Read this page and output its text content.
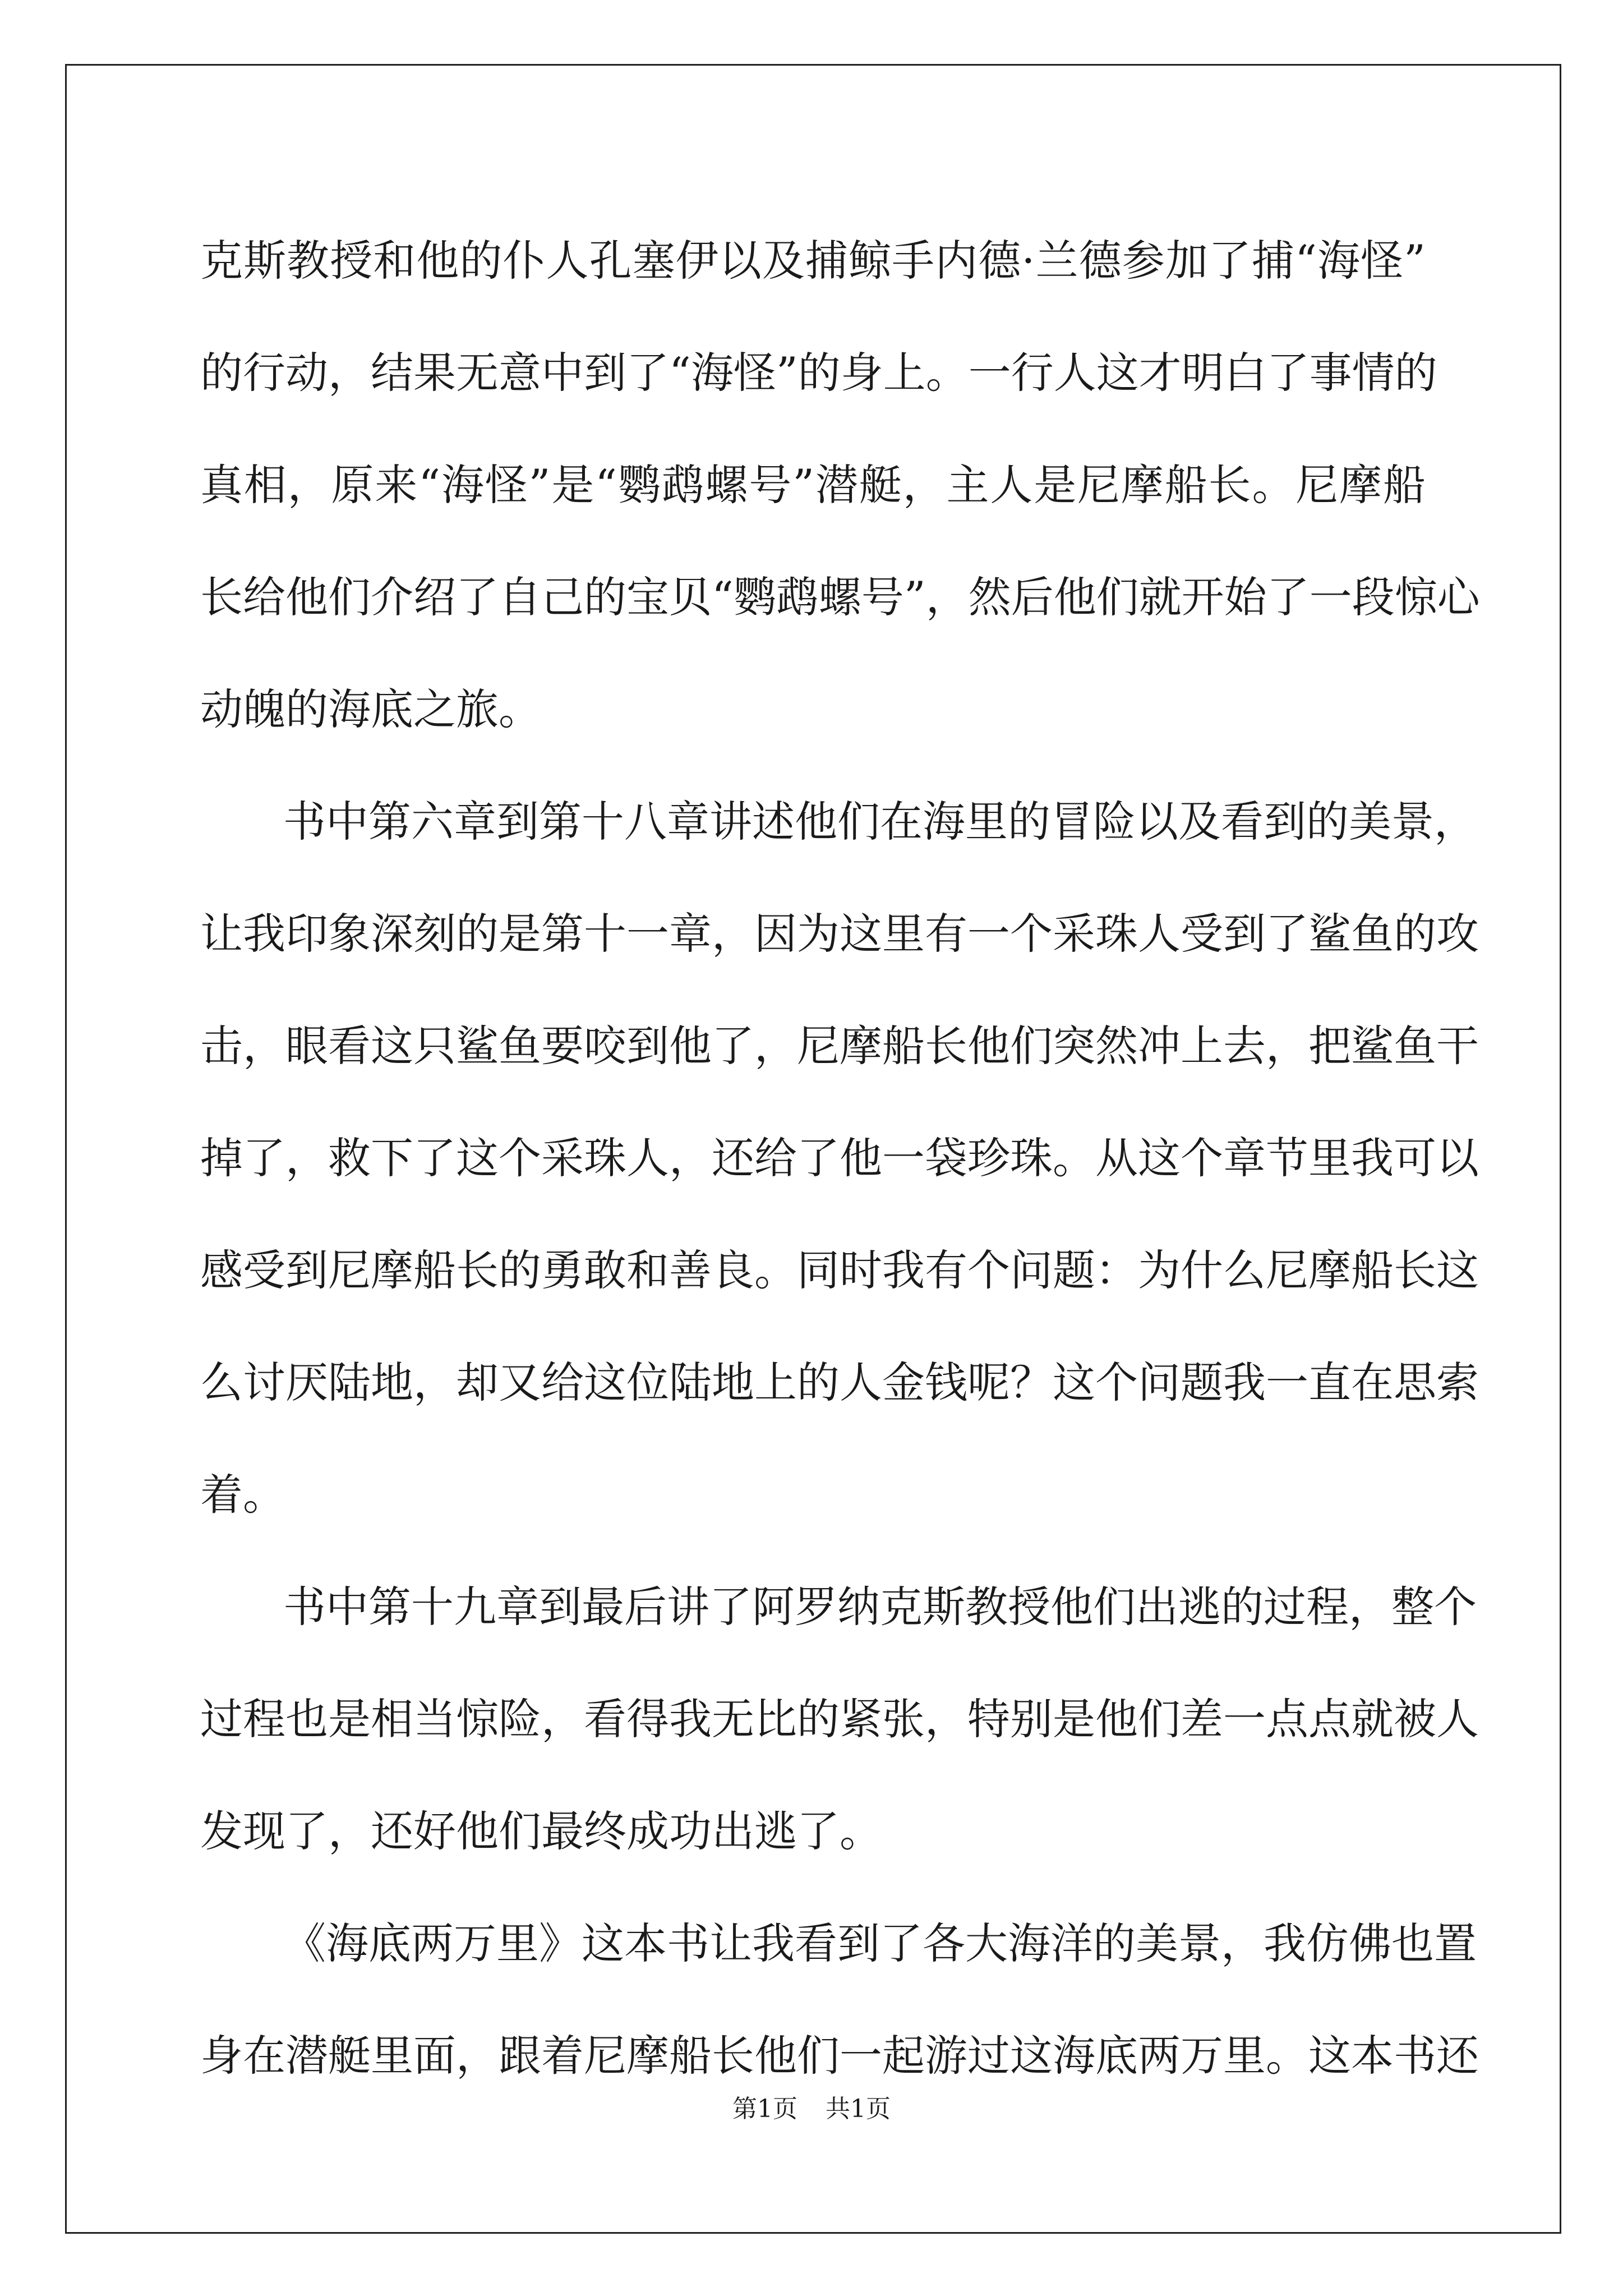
克斯教授和他的仆人孔塞伊以及捕鲸手内德·兰德参加了捕“海怪”
的行动，结果无意中到了“海怪”的身上。一行人这才明白了事情的
真相，原来“海怪”是“鹦鹉螺号”潜艇，主人是尼摩船长。尼摩船
长给他们介绍了自己的宝贝“鹦鹉螺号”，然后他们就开始了一段惊心
动魄的海底之旅。
书中第六章到第十八章讲述他们在海里的冒险以及看到的美景，
让我印象深刻的是第十一章，因为这里有一个采珠人受到了鲨鱼的攻
击，眼看这只鲨鱼要咬到他了，尼摩船长他们突然冲上去，把鲨鱼干
掉了，救下了这个采珠人，还给了他一袋珍珠。从这个章节里我可以
感受到尼摩船长的勇敢和善良。同时我有个问题：为什么尼摩船长这
么讨厌陆地，却又给这位陆地上的人金钱呢？这个问题我一直在思索
着。
书中第十九章到最后讲了阿罗纳克斯教授他们出逃的过程，整个
过程也是相当惊险，看得我无比的紧张，特别是他们差一点点就被人
发现了，还好他们最终成功出逃了。
《海底两万里》这本书让我看到了各大海洋的美景，我仿佛也置
身在潜艇里面，跟着尼摩船长他们一起游过这海底两万里。这本书还
第1页 共1页
